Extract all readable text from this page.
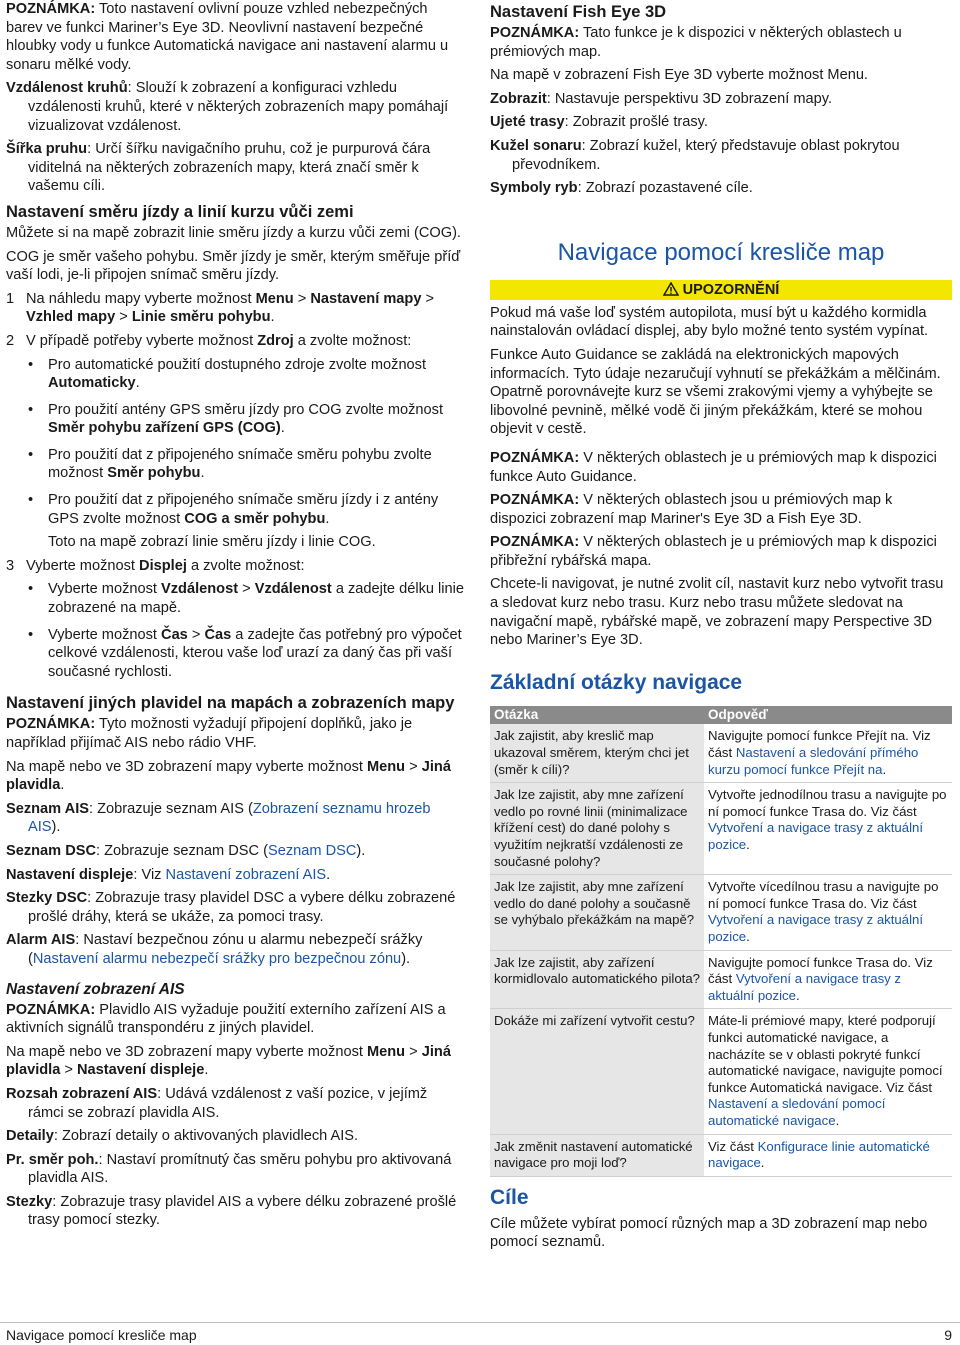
POZNÁMKA: Toto nastavení ovlivní pouze vzhled nebezpečných barev ve funkci Mariner’s Eye 3D. Neovlivní nastavení bezpečné hloubky vody u funkce Automatická navigace ani nastavení alarmu u sonaru mělké vody.

Vzdálenost kruhů: Slouží k zobrazení a konfiguraci vzhledu vzdálenosti kruhů, které v některých zobrazeních mapy pomáhají vizualizovat vzdálenost.

Šířka pruhu: Určí šířku navigačního pruhu, což je purpurová čára viditelná na některých zobrazeních mapy, která značí směr k vašemu cíli.

Nastavení směru jízdy a linií kurzu vůči zemi

Můžete si na mapě zobrazit linie směru jízdy a kurzu vůči zemi (COG).

COG je směr vašeho pohybu. Směr jízdy je směr, kterým směřuje příď vaší lodi, je-li připojen snímač směru jízdy.

1 Na náhledu mapy vyberte možnost Menu > Nastavení mapy > Vzhled mapy > Linie směru pohybu.
2 V případě potřeby vyberte možnost Zdroj a zvolte možnost:
• Pro automatické použití dostupného zdroje zvolte možnost Automaticky.
• Pro použití antény GPS směru jízdy pro COG zvolte možnost Směr pohybu zařízení GPS (COG).
• Pro použití dat z připojeného snímače směru pohybu zvolte možnost Směr pohybu.
• Pro použití dat z připojeného snímače směru jízdy i z antény GPS zvolte možnost COG a směr pohybu.

Toto na mapě zobrazí linie směru jízdy i linie COG.

3 Vyberte možnost Displej a zvolte možnost:
• Vyberte možnost Vzdálenost > Vzdálenost a zadejte délku linie zobrazené na mapě.
• Vyberte možnost Čas > Čas a zadejte čas potřebný pro výpočet celkové vzdálenosti, kterou vaše loď urazí za daný čas při vaší současné rychlosti.
Nastavení jiných plavidel na mapách a zobrazeních mapy

POZNÁMKA: Tyto možnosti vyžadují připojení doplňků, jako je například přijímač AIS nebo rádio VHF.

Na mapě nebo ve 3D zobrazení mapy vyberte možnost Menu > Jiná plavidla.

Seznam AIS: Zobrazuje seznam AIS (Zobrazení seznamu hrozeb AIS).

Seznam DSC: Zobrazuje seznam DSC (Seznam DSC).

Nastavení displeje: Viz Nastavení zobrazení AIS.

Stezky DSC: Zobrazuje trasy plavidel DSC a vybere délku zobrazené prošlé dráhy, která se ukáže, za pomoci trasy.

Alarm AIS: Nastaví bezpečnou zónu u alarmu nebezpečí srážky (Nastavení alarmu nebezpečí srážky pro bezpečnou zónu).

Nastavení zobrazení AIS

POZNÁMKA: Plavidlo AIS vyžaduje použití externího zařízení AIS a aktivních signálů transpondéru z jiných plavidel.

Na mapě nebo ve 3D zobrazení mapy vyberte možnost Menu > Jiná plavidla > Nastavení displeje.

Rozsah zobrazení AIS: Udává vzdálenost z vaší pozice, v jejímž rámci se zobrazí plavidla AIS.

Detaily: Zobrazí detaily o aktivovaných plavidlech AIS.

Pr. směr poh.: Nastaví promítnutý čas směru pohybu pro aktivovaná plavidla AIS.

Stezky: Zobrazuje trasy plavidel AIS a vybere délku zobrazené prošlé trasy pomocí stezky.

Nastavení Fish Eye 3D

POZNÁMKA: Tato funkce je k dispozici v některých oblastech u prémiových map.

Na mapě v zobrazení Fish Eye 3D vyberte možnost Menu.

Zobrazit: Nastavuje perspektivu 3D zobrazení mapy.

Ujeté trasy: Zobrazit prošlé trasy.

Kužel sonaru: Zobrazí kužel, který představuje oblast pokrytou převodníkem.

Symboly ryb: Zobrazí pozastavené cíle.

Navigace pomocí kresliče map
UPOZORNĚNÍ

Pokud má vaše loď systém autopilota, musí být u každého kormidla nainstalován ovládací displej, aby bylo možné tento systém vypínat.

Funkce Auto Guidance se zakládá na elektronických mapových informacích. Tyto údaje nezaručují vyhnutí se překážkám a mělčinám. Opatrně porovnávejte kurz se všemi zrakovými vjemy a vyhýbejte se libovolné pevnině, mělké vodě či jiným překážkám, které se mohou objevit v cestě.

POZNÁMKA: V některých oblastech je u prémiových map k dispozici funkce Auto Guidance.

POZNÁMKA: V některých oblastech jsou u prémiových map k dispozici zobrazení map Mariner's Eye 3D a Fish Eye 3D.

POZNÁMKA: V některých oblastech je u prémiových map k dispozici přibřežní rybářská mapa.

Chcete-li navigovat, je nutné zvolit cíl, nastavit kurz nebo vytvořit trasu a sledovat kurz nebo trasu. Kurz nebo trasu můžete sledovat na navigační mapě, rybářské mapě, ve zobrazení mapy Perspective 3D nebo Mariner’s Eye 3D.

Základní otázky navigace
Otázka	Odpověď
Jak zajistit, aby kreslič map ukazoval směrem, kterým chci jet (směr k cíli)?	Navigujte pomocí funkce Přejít na. Viz část Nastavení a sledování přímého kurzu pomocí funkce Přejít na.
Jak lze zajistit, aby mne zařízení vedlo po rovné linii (minimalizace křížení cest) do dané polohy s využitím nejkratší vzdálenosti ze současné polohy?	Vytvořte jednodílnou trasu a navigujte po ní pomocí funkce Trasa do. Viz část Vytvoření a navigace trasy z aktuální pozice.
Jak lze zajistit, aby mne zařízení vedlo do dané polohy a současně se vyhýbalo překážkám na mapě?	Vytvořte vícedílnou trasu a navigujte po ní pomocí funkce Trasa do. Viz část Vytvoření a navigace trasy z aktuální pozice.
Jak lze zajistit, aby zařízení kormidlovalo automatického pilota?	Navigujte pomocí funkce Trasa do. Viz část Vytvoření a navigace trasy z aktuální pozice.
Dokáže mi zařízení vytvořit cestu?	Máte-li prémiové mapy, které podporují funkci automatické navigace, a nacházíte se v oblasti pokryté funkcí automatické navigace, navigujte pomocí funkce Automatická navigace. Viz část Nastavení a sledování pomocí automatické navigace.
Jak změnit nastavení automatické navigace pro moji loď?	Viz část Konfigurace linie automatické navigace.
Cíle

Cíle můžete vybírat pomocí různých map a 3D zobrazení map nebo pomocí seznamů.

Navigace pomocí kresliče map	9
